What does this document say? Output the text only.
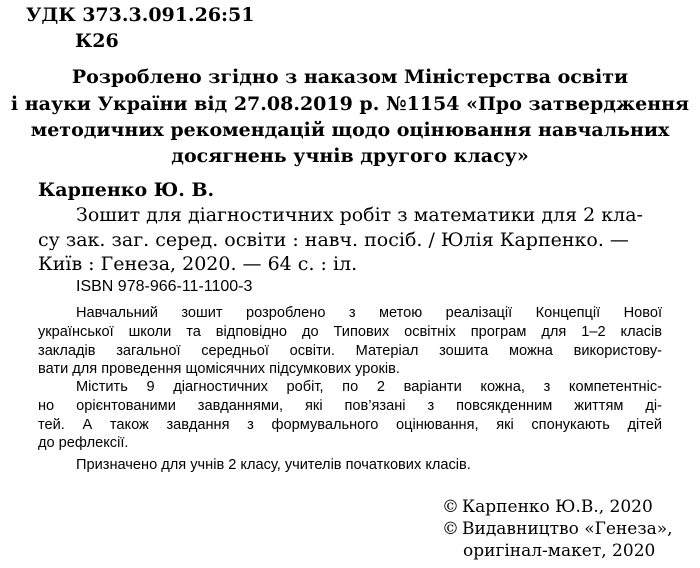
УДК 373.3.091.26:51
К26
Розроблено згідно з наказом Міністерства освіти
і науки України від 27.08.2019 р. №1154 «Про затвердження
методичних рекомендацій щодо оцінювання навчальних
досягнень учнів другого класу»
Карпенко Ю. В.
Зошит для діагностичних робіт з математики для 2 кла-
су зак. заг. серед. освіти : навч. посіб. / Юлія Карпенко. —
Київ : Генеза, 2020. — 64 с. : іл.
ISBN 978-966-11-1100-3
Навчальний зошит розроблено з метою реалізації Концепції Нової
української школи та відповідно до Типових освітніх програм для 1–2 класів
закладів загальної середньої освіти. Матеріал зошита можна використову-
вати для проведення щомісячних підсумкових уроків.
Містить 9 діагностичних робіт, по 2 варіанти кожна, з компетентніс-
но орієнтованими завданнями, які пов’язані з повсякденним життям ді-
тей. А також завдання з формувального оцінювання, які спонукають дітей
до рефлексії.
Призначено для учнів 2 класу, учителів початкових класів.
© Карпенко Ю.В., 2020
© Видавництво «Генеза»,
оригінал-макет, 2020
